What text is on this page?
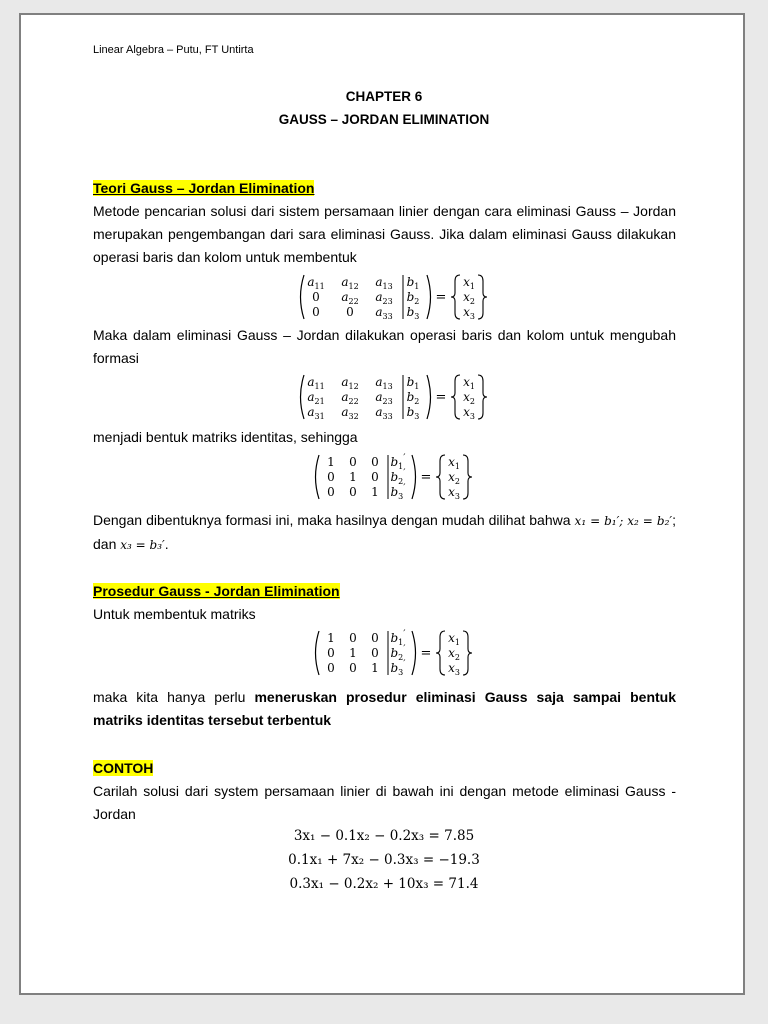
Linear Algebra – Putu, FT Untirta
CHAPTER 6
GAUSS – JORDAN ELIMINATION
Teori Gauss – Jordan Elimination
Metode pencarian solusi dari sistem persamaan linier dengan cara eliminasi Gauss – Jordan merupakan pengembangan dari sara eliminasi Gauss. Jika dalam eliminasi Gauss dilakukan operasi baris dan kolom untuk membentuk
$a_{11}$ $a_{12}$ $a_{13}$
0 $a_{22}$ $a_{23}$
0 0 $a_{33}$
$b_1$
$b_2$
$b_3$
=
$x_1$
$x_2$
$x_3$
Maka dalam eliminasi Gauss – Jordan dilakukan operasi baris dan kolom untuk mengubah formasi
$a_{11}$ $a_{12}$ $a_{13}$
$a_{21}$ $a_{22}$ $a_{23}$
$a_{31}$ $a_{32}$ $a_{33}$
$b_1$
$b_2$
$b_3$
=
$x_1$
$x_2$
$x_3$
menjadi bentuk matriks identitas, sehingga
1 0 0
0 1 0
0 0 1
$b_1'$
$b_2'$
$b_3'$
=
$x_1$
$x_2$
$x_3$
Dengan dibentuknya formasi ini, maka hasilnya dengan mudah dilihat bahwa x₁ = b₁′; x₂ = b₂′; dan x₃ = b₃′.
Prosedur Gauss - Jordan Elimination
Untuk membentuk matriks
1 0 0
0 1 0
0 0 1
$b_1'$
$b_2'$
$b_3'$
=
$x_1$
$x_2$
$x_3$
maka kita hanya perlu meneruskan prosedur eliminasi Gauss saja sampai bentuk matriks identitas tersebut terbentuk
CONTOH
Carilah solusi dari system persamaan linier di bawah ini dengan metode eliminasi Gauss - Jordan
3x₁ − 0.1x₂ − 0.2x₃ = 7.85
0.1x₁ + 7x₂ − 0.3x₃ = −19.3
0.3x₁ − 0.2x₂ + 10x₃ = 71.4
